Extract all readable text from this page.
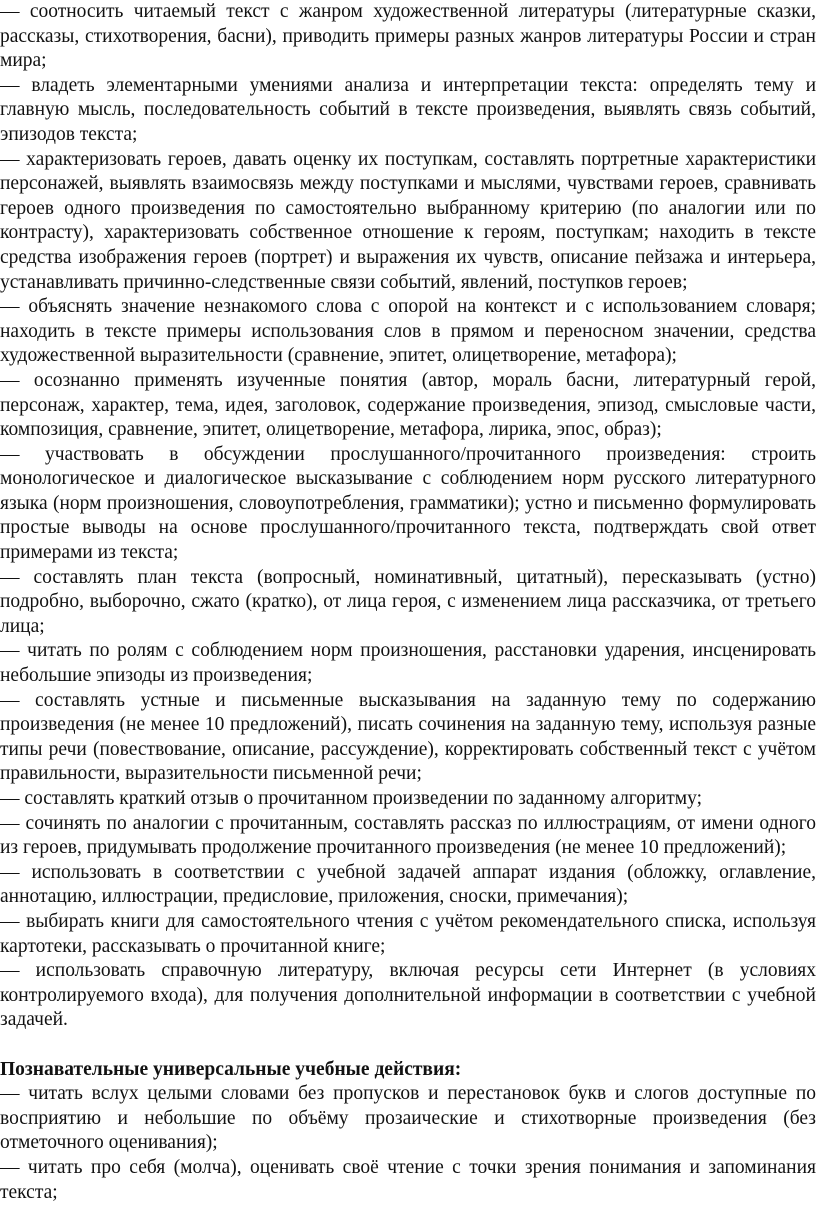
— соотносить читаемый текст с жанром художественной литературы (литературные сказки, рассказы, стихотворения, басни), приводить примеры разных жанров литературы России и стран мира;

— владеть элементарными умениями анализа и интерпретации текста: определять тему и главную мысль, последовательность событий в тексте произведения, выявлять связь событий, эпизодов текста;

— характеризовать героев, давать оценку их поступкам, составлять портретные характеристики персонажей, выявлять взаимосвязь между поступками и мыслями, чувствами героев, сравнивать героев одного произведения по самостоятельно выбранному критерию (по аналогии или по контрасту), характеризовать собственное отношение к героям, поступкам; находить в тексте средства изображения героев (портрет) и выражения их чувств, описание пейзажа и интерьера, устанавливать причинно-следственные связи событий, явлений, поступков героев;

— объяснять значение незнакомого слова с опорой на контекст и с использованием словаря; находить в тексте примеры использования слов в прямом и переносном значении, средства художественной выразительности (сравнение, эпитет, олицетворение, метафора);

— осознанно применять изученные понятия (автор, мораль басни, литературный герой, персонаж, характер, тема, идея, заголовок, содержание произведения, эпизод, смысловые части, композиция, сравнение, эпитет, олицетворение, метафора, лирика, эпос, образ);

— участвовать в обсуждении прослушанного/прочитанного произведения: строить монологическое и диалогическое высказывание с соблюдением норм русского литературного языка (норм произношения, словоупотребления, грамматики); устно и письменно формулировать простые выводы на основе прослушанного/прочитанного текста, подтверждать свой ответ примерами из текста;

— составлять план текста (вопросный, номинативный, цитатный), пересказывать (устно) подробно, выборочно, сжато (кратко), от лица героя, с изменением лица рассказчика, от третьего лица;

— читать по ролям с соблюдением норм произношения, расстановки ударения, инсценировать небольшие эпизоды из произведения;

— составлять устные и письменные высказывания на заданную тему по содержанию произведения (не менее 10 предложений), писать сочинения на заданную тему, используя разные типы речи (повествование, описание, рассуждение), корректировать собственный текст с учётом правильности, выразительности письменной речи;

— составлять краткий отзыв о прочитанном произведении по заданному алгоритму;

— сочинять по аналогии с прочитанным, составлять рассказ по иллюстрациям, от имени одного из героев, придумывать продолжение прочитанного произведения (не менее 10 предложений);

— использовать в соответствии с учебной задачей аппарат издания (обложку, оглавление, аннотацию, иллюстрации, предисловие, приложения, сноски, примечания);

— выбирать книги для самостоятельного чтения с учётом рекомендательного списка, используя картотеки, рассказывать о прочитанной книге;

— использовать справочную литературу, включая ресурсы сети Интернет (в условиях контролируемого входа), для получения дополнительной информации в соответствии с учебной задачей.

Познавательные универсальные учебные действия:

— читать вслух целыми словами без пропусков и перестановок букв и слогов доступные по восприятию и небольшие по объёму прозаические и стихотворные произведения (без отметочного оценивания);

— читать про себя (молча), оценивать своё чтение с точки зрения понимания и запоминания текста;
